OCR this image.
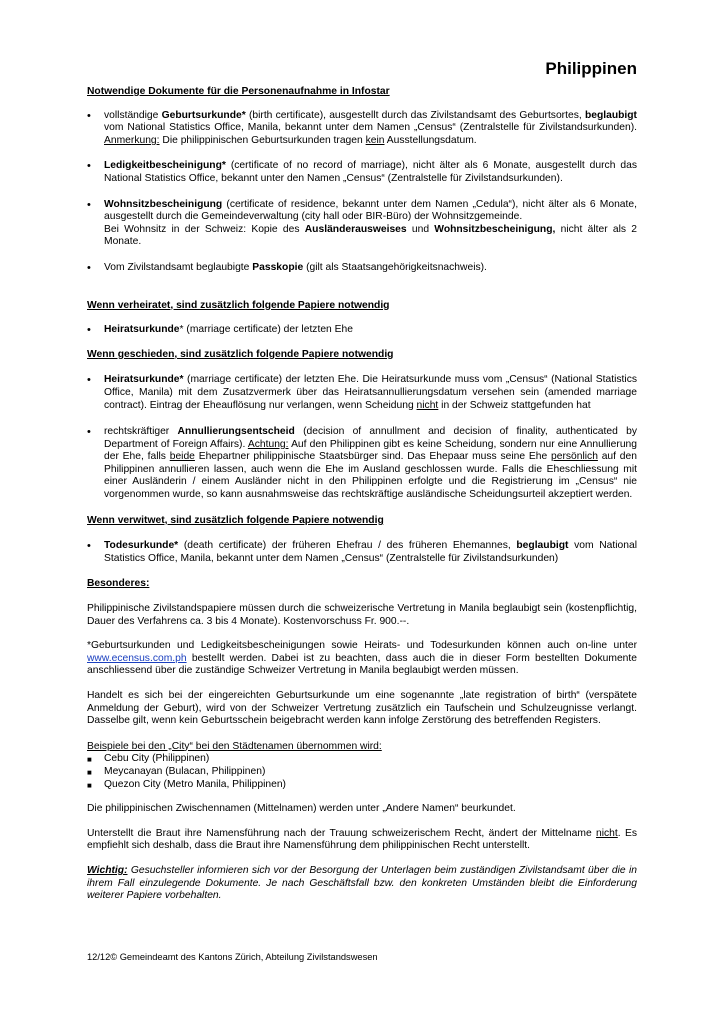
Philippinen

Notwendige Dokumente für die Personenaufnahme in Infostar

• vollständige Geburtsurkunde* (birth certificate), ausgestellt durch das Zivilstandsamt des Geburtsortes, beglaubigt vom National Statistics Office, Manila, bekannt unter dem Namen „Census“ (Zentralstelle für Zivilstandsurkunden). Anmerkung: Die philippinischen Geburtsurkunden tragen kein Ausstellungsdatum.
• Ledigkeitbescheinigung* (certificate of no record of marriage), nicht älter als 6 Monate, ausgestellt durch das National Statistics Office, bekannt unter den Namen „Census“ (Zentralstelle für Zivilstandsurkunden).
• Wohnsitzbescheinigung (certificate of residence, bekannt unter dem Namen „Cedula“), nicht älter als 6 Monate, ausgestellt durch die Gemeindeverwaltung (city hall oder BIR-Büro) der Wohnsitzgemeinde.
Bei Wohnsitz in der Schweiz: Kopie des Ausländerausweises und Wohnsitzbescheinigung, nicht älter als 2 Monate.
• Vom Zivilstandsamt beglaubigte Passkopie (gilt als Staatsangehörigkeitsnachweis).

Wenn verheiratet, sind zusätzlich folgende Papiere notwendig

• Heiratsurkunde* (marriage certificate) der letzten Ehe

Wenn geschieden, sind zusätzlich folgende Papiere notwendig

• Heiratsurkunde* (marriage certificate) der letzten Ehe. Die Heiratsurkunde muss vom „Census“ (National Statistics Office, Manila) mit dem Zusatzvermerk über das Heiratsannullierungsdatum versehen sein (amended marriage contract). Eintrag der Eheauflösung nur verlangen, wenn Scheidung nicht in der Schweiz stattgefunden hat
• rechtskräftiger Annullierungsentscheid (decision of annullment and decision of finality, authenticated by Department of Foreign Affairs). Achtung: Auf den Philippinen gibt es keine Scheidung, sondern nur eine Annullierung der Ehe, falls beide Ehepartner philippinische Staatsbürger sind. Das Ehepaar muss seine Ehe persönlich auf den Philippinen annullieren lassen, auch wenn die Ehe im Ausland geschlossen wurde. Falls die Eheschliessung mit einer Ausländerin / einem Ausländer nicht in den Philippinen erfolgte und die Registrierung im „Census“ nie vorgenommen wurde, so kann ausnahmsweise das rechtskräftige ausländische Scheidungsurteil akzeptiert werden.

Wenn verwitwet, sind zusätzlich folgende Papiere notwendig

• Todesurkunde* (death certificate) der früheren Ehefrau / des früheren Ehemannes, beglaubigt vom National Statistics Office, Manila, bekannt unter dem Namen „Census“ (Zentralstelle für Zivilstandsurkunden)

Besonderes:

Philippinische Zivilstandspapiere müssen durch die schweizerische Vertretung in Manila beglaubigt sein (kostenpflichtig, Dauer des Verfahrens ca. 3 bis 4 Monate). Kostenvorschuss Fr. 900.--.

*Geburtsurkunden und Ledigkeitsbescheinigungen sowie Heirats- und Todesurkunden können auch on-line unter www.ecensus.com.ph bestellt werden. Dabei ist zu beachten, dass auch die in dieser Form bestellten Dokumente anschliessend über die zuständige Schweizer Vertretung in Manila beglaubigt werden müssen.

Handelt es sich bei der eingereichten Geburtsurkunde um eine sogenannte „late registration of birth“ (verspätete Anmeldung der Geburt), wird von der Schweizer Vertretung zusätzlich ein Taufschein und Schulzeugnisse verlangt. Dasselbe gilt, wenn kein Geburtsschein beigebracht werden kann infolge Zerstörung des betreffenden Registers.

Beispiele bei den „City“ bei den Städtenamen übernommen wird:

■ Cebu City (Philippinen)
■ Meycanayan (Bulacan, Philippinen)
■ Quezon City (Metro Manila, Philippinen)

Die philippinischen Zwischennamen (Mittelnamen) werden unter „Andere Namen“ beurkundet.

Unterstellt die Braut ihre Namensführung nach der Trauung schweizerischem Recht, ändert der Mittelname nicht. Es empfiehlt sich deshalb, dass die Braut ihre Namensführung dem philippinischen Recht unterstellt.

Wichtig: Gesuchsteller informieren sich vor der Besorgung der Unterlagen beim zuständigen Zivilstandsamt über die in ihrem Fall einzulegende Dokumente. Je nach Geschäftsfall bzw. den konkreten Umständen bleibt die Einforderung weiterer Papiere vorbehalten.

12/12© Gemeindeamt des Kantons Zürich, Abteilung Zivilstandswesen
